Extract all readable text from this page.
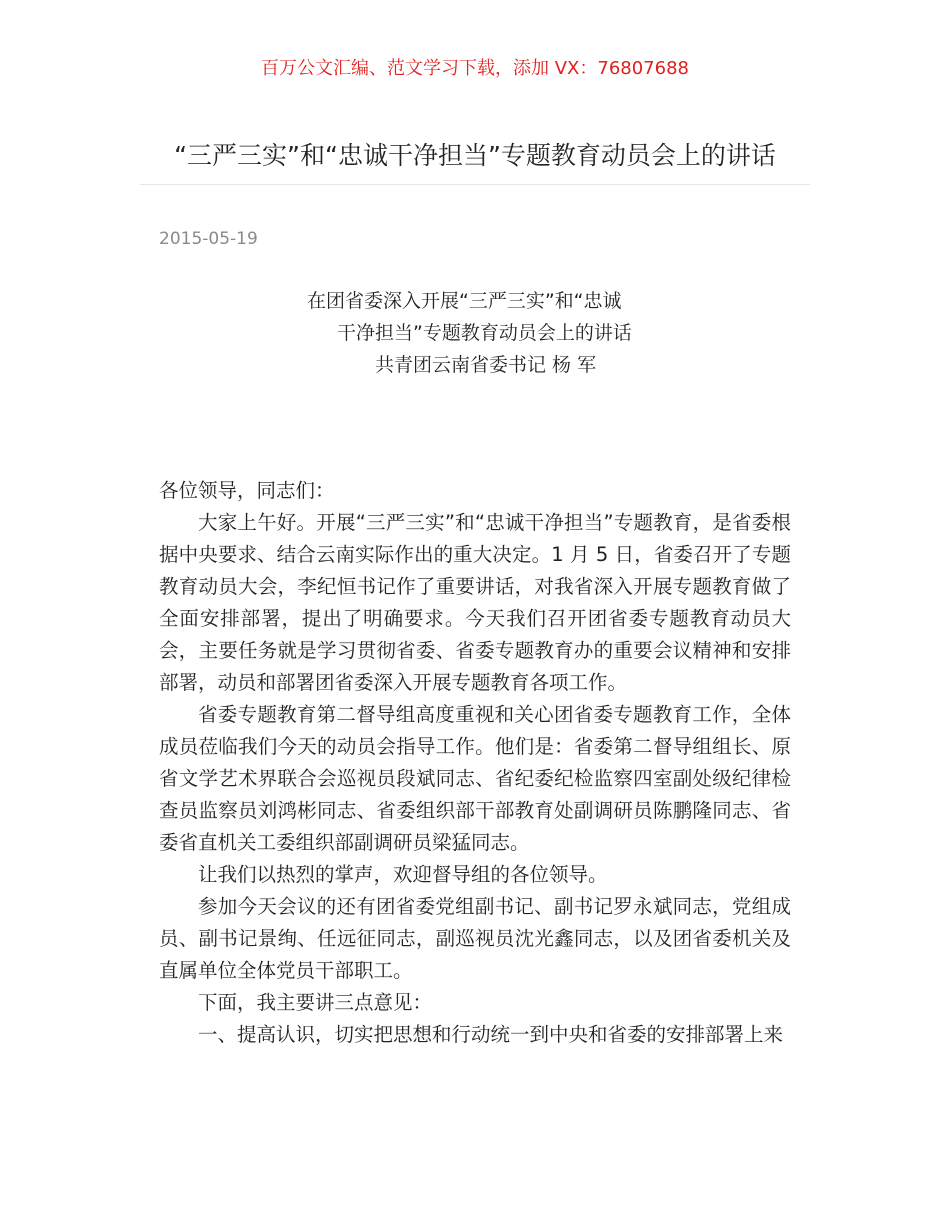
百万公文汇编、范文学习下载，添加 VX：76807688
“三严三实”和“忠诚干净担当”专题教育动员会上的讲话
2015-05-19
在团省委深入开展“三严三实”和“忠诚
干净担当”专题教育动员会上的讲话
共青团云南省委书记 杨 军

各位领导，同志们：

大家上午好。开展“三严三实”和“忠诚干净担当”专题教育，是省委根据中央要求、结合云南实际作出的重大决定。1 月 5 日，省委召开了专题教育动员大会，李纪恒书记作了重要讲话，对我省深入开展专题教育做了全面安排部署，提出了明确要求。今天我们召开团省委专题教育动员大会，主要任务就是学习贯彻省委、省委专题教育办的重要会议精神和安排部署，动员和部署团省委深入开展专题教育各项工作。

省委专题教育第二督导组高度重视和关心团省委专题教育工作，全体成员莅临我们今天的动员会指导工作。他们是：省委第二督导组组长、原省文学艺术界联合会巡视员段斌同志、省纪委纪检监察四室副处级纪律检查员监察员刘鸿彬同志、省委组织部干部教育处副调研员陈鹏隆同志、省委省直机关工委组织部副调研员梁猛同志。

让我们以热烈的掌声，欢迎督导组的各位领导。

参加今天会议的还有团省委党组副书记、副书记罗永斌同志，党组成员、副书记景绚、任远征同志，副巡视员沈光鑫同志，以及团省委机关及直属单位全体党员干部职工。

下面，我主要讲三点意见：

一、提高认识，切实把思想和行动统一到中央和省委的安排部署上来
